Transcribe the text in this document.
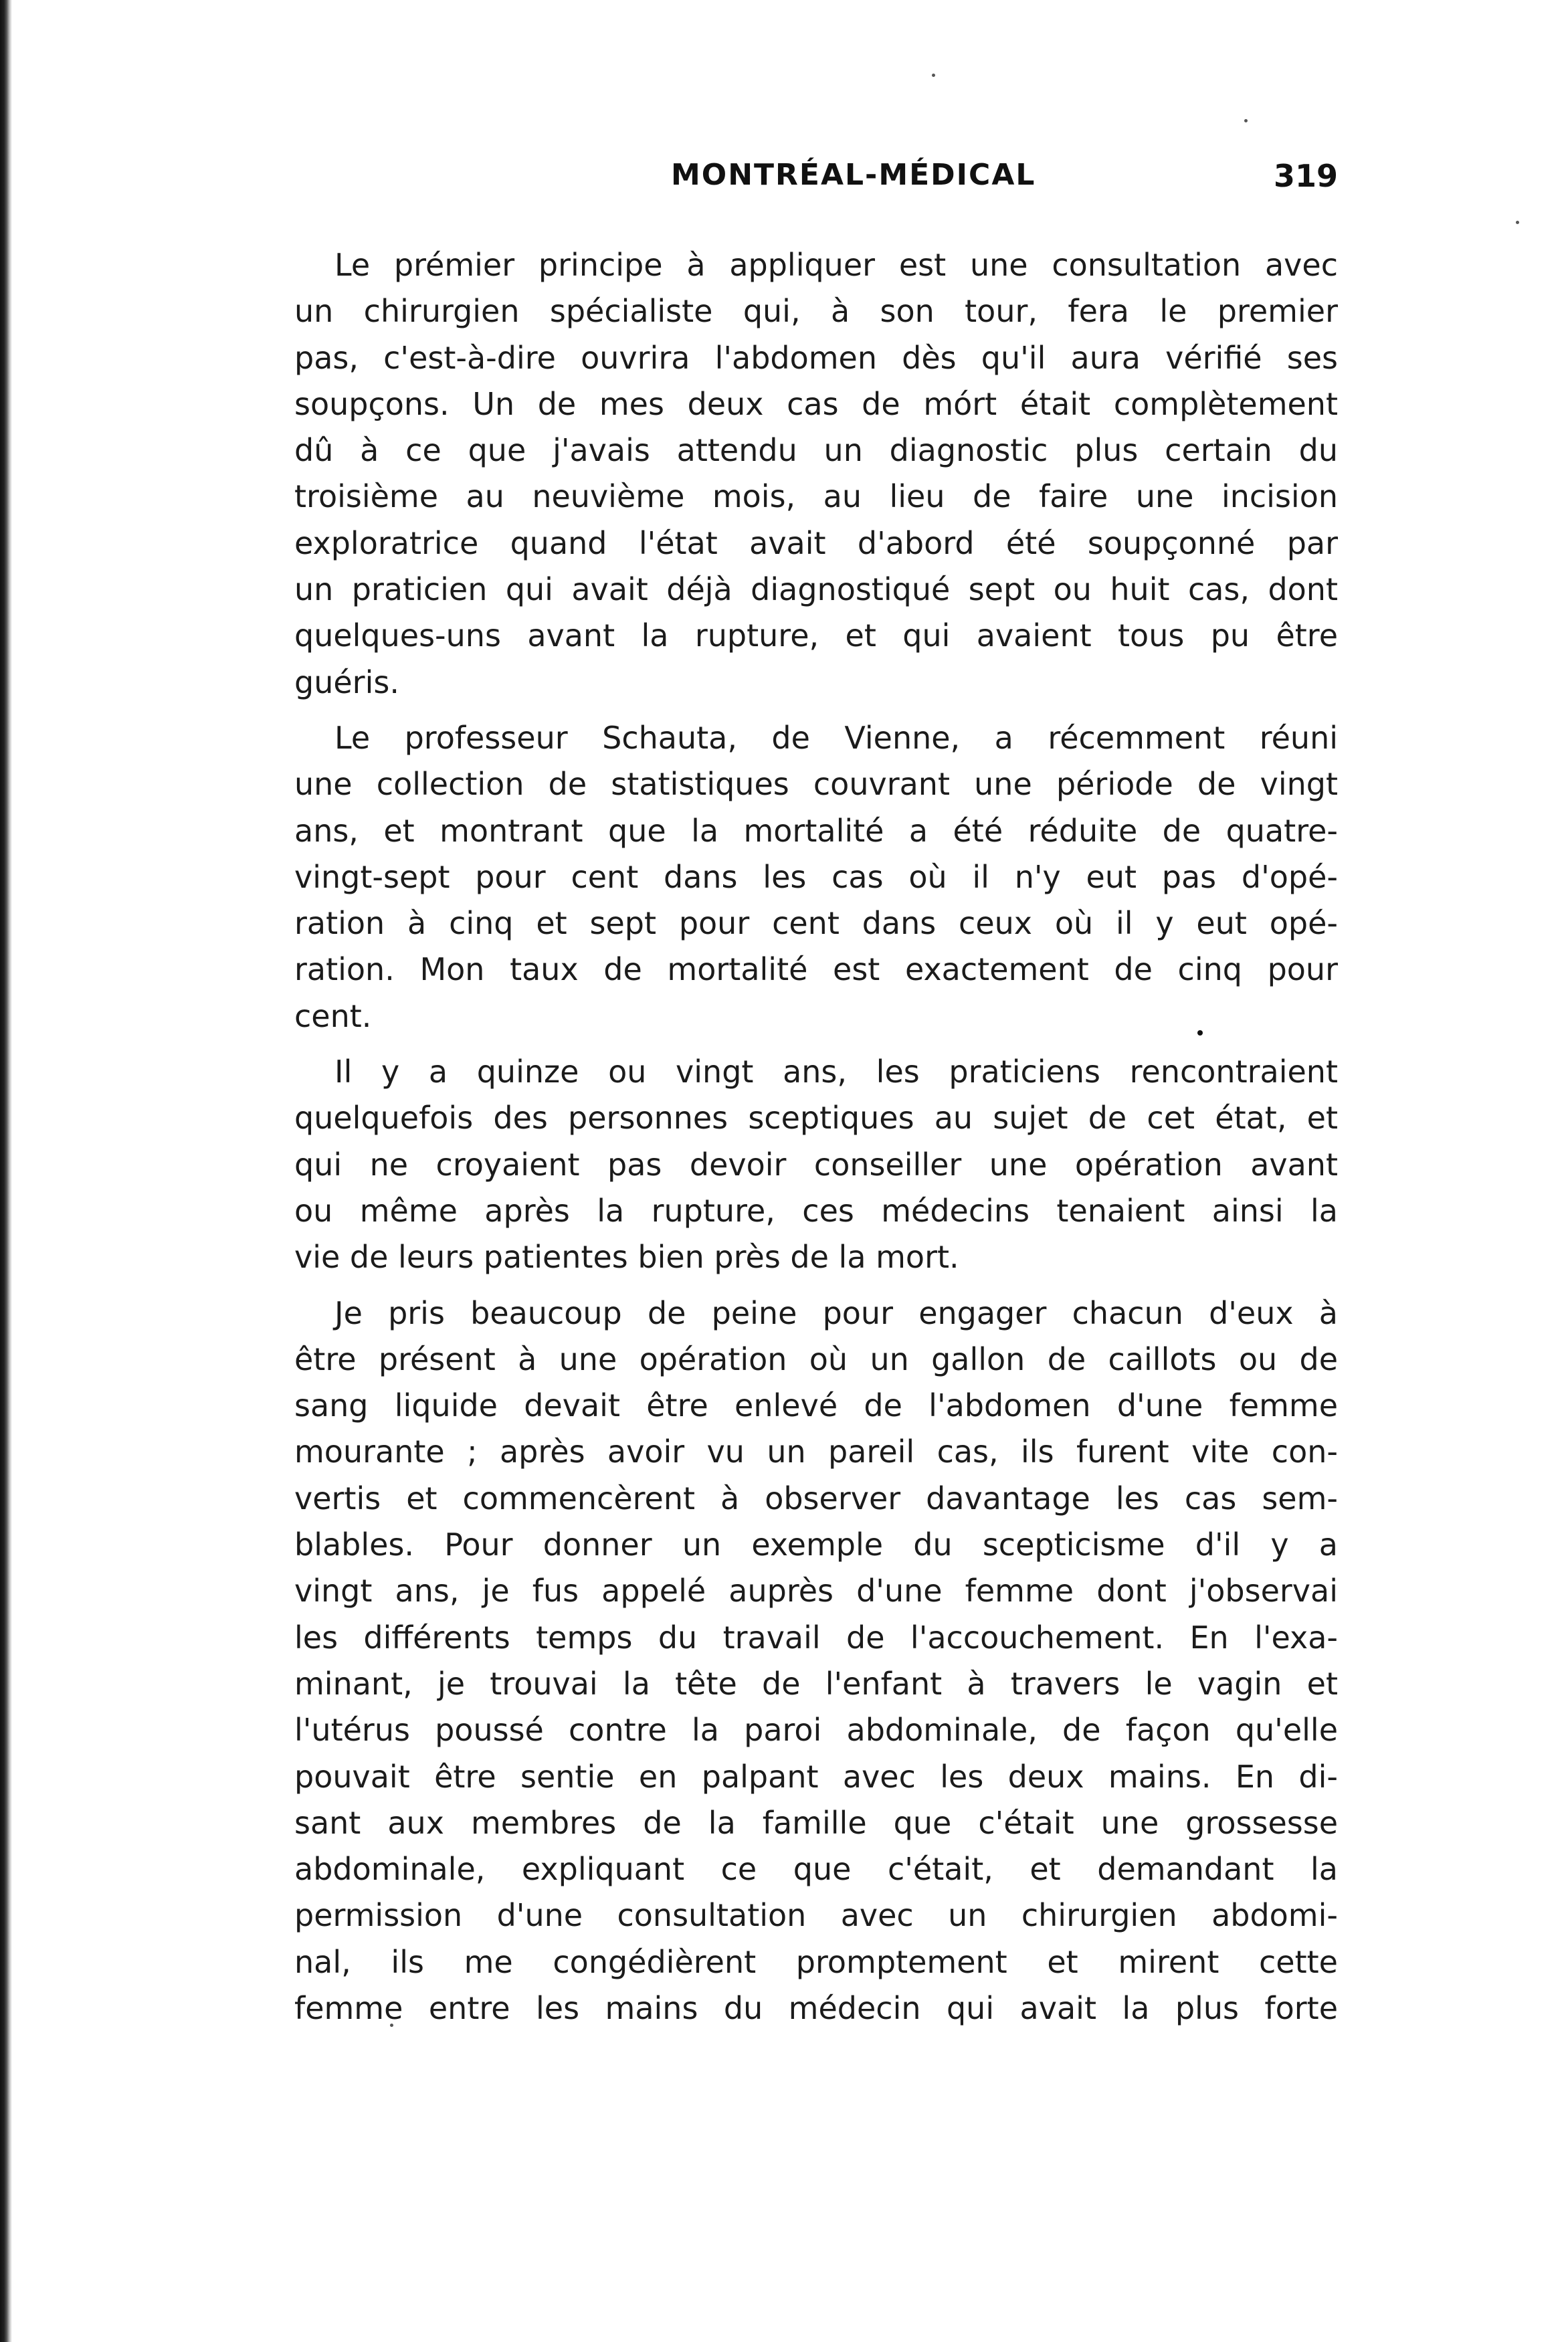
MONTRÉAL-MÉDICAL	319
Le prémier principe à appliquer est une consultation avec
un chirurgien spécialiste qui, à son tour, fera le premier
pas, c'est-à-dire ouvrira l'abdomen dès qu'il aura vérifié ses
soupçons. Un de mes deux cas de mórt était complètement
dû à ce que j'avais attendu un diagnostic plus certain du
troisième au neuvième mois, au lieu de faire une incision
exploratrice quand l'état avait d'abord été soupçonné par
un praticien qui avait déjà diagnostiqué sept ou huit cas, dont
quelques-uns avant la rupture, et qui avaient tous pu être
guéris.
Le professeur Schauta, de Vienne, a récemment réuni
une collection de statistiques couvrant une période de vingt
ans, et montrant que la mortalité a été réduite de quatre-
vingt-sept pour cent dans les cas où il n'y eut pas d'opé-
ration à cinq et sept pour cent dans ceux où il y eut opé-
ration. Mon taux de mortalité est exactement de cinq pour
cent.
Il y a quinze ou vingt ans, les praticiens rencontraient
quelquefois des personnes sceptiques au sujet de cet état, et
qui ne croyaient pas devoir conseiller une opération avant
ou même après la rupture, ces médecins tenaient ainsi la
vie de leurs patientes bien près de la mort.
Je pris beaucoup de peine pour engager chacun d'eux à
être présent à une opération où un gallon de caillots ou de
sang liquide devait être enlevé de l'abdomen d'une femme
mourante ; après avoir vu un pareil cas, ils furent vite con-
vertis et commencèrent à observer davantage les cas sem-
blables. Pour donner un exemple du scepticisme d'il y a
vingt ans, je fus appelé auprès d'une femme dont j'observai
les différents temps du travail de l'accouchement. En l'exa-
minant, je trouvai la tête de l'enfant à travers le vagin et
l'utérus poussé contre la paroi abdominale, de façon qu'elle
pouvait être sentie en palpant avec les deux mains. En di-
sant aux membres de la famille que c'était une grossesse
abdominale, expliquant ce que c'était, et demandant la
permission d'une consultation avec un chirurgien abdomi-
nal, ils me congédièrent promptement et mirent cette
femme entre les mains du médecin qui avait la plus forte
